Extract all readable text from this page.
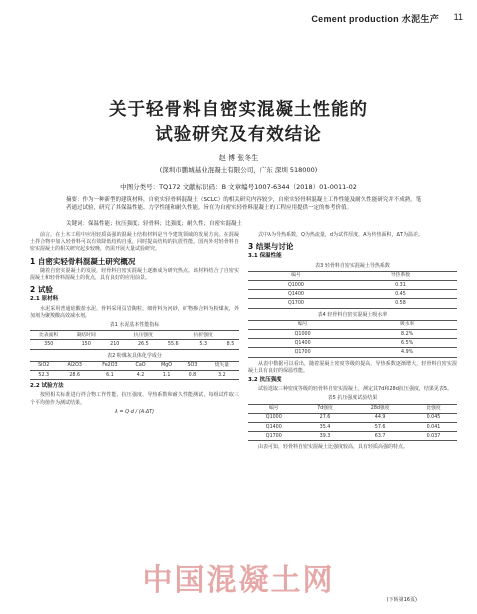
Cement production 水泥生产 11
关于轻骨料自密实混凝土性能的
试验研究及有效结论
赵 博 张冬生
(深圳市鹏城基业混凝土有限公司，广东 深圳 518000)
中图分类号：TQ172 文献标识码：B 文章编号1007-6344（2018）01-0011-02
摘要：作为一种新型的建筑材料，自密实轻骨料混凝土（SCLC）的相关研究内容较少，自密实轻骨料混凝土工作性能及耐久性能研究并不成熟。笔者通过试验，研究了其保温性能、力学性能和耐久性能，旨在为自密实轻骨料混凝土的工程应用提供一定的参考价值。
关键词：保温性能；抗压强度；轻骨料；比强度；耐久性；自密实混凝土

前言。在土木工程中应用轻质高强的混凝土结构材料是当今建筑领域的发展方向。在混凝土拌合物中加入轻骨料可以有效降低结构自重，同时提高结构的抗震性能。国内外对轻骨料自密实混凝土的相关研究起步较晚，仍需开展大量试验研究。

1 自密实轻骨料混凝土研究概况

随着自密实混凝土的发展，轻骨料自密实混凝土逐渐成为研究热点。该材料结合了自密实混凝土和轻骨料混凝土的优点，具有良好的应用前景。

2 试验
2.1 原材料

水泥采用普通硅酸盐水泥，骨料采用页岩陶粒，细骨料为河砂，矿物掺合料为粉煤灰，外加剂为聚羧酸高效减水剂。

表1 水泥基本性能指标
比表面积	凝结时间		抗压强度		抗折强度	
350	150	210	26.5	55.6	5.3	8.5
表2 粉煤灰具体化学成分
SiO2	Al2O3	Fe2O3	CaO	MgO	SO3	烧失量
52.3	28.6	6.1	4.2	1.1	0.8	3.2
2.2 试验方法

按照相关标准进行拌合物工作性能、抗压强度、导热系数和耐久性能测试，每组试件取三个平均值作为测试结果。

λ = Q·d / (A·ΔT)

式中λ为导热系数，Q为热流量，d为试件厚度，A为传热面积，ΔT为温差。

3 结果与讨论
3.1 保温性能
表3 轻骨料自密实混凝土导热系数
编号	导热系数
Q1000	0.31
Q1400	0.45
Q1700	0.58
表4 轻骨料自密实混凝土吸水率
编号	吸水率
Q1000	8.2%
Q1400	6.5%
Q1700	4.9%

从表中数据可以看出，随着混凝土密度等级的提高，导热系数逐渐增大，轻骨料自密实混凝土具有良好的保温性能。

3.2 抗压强度

试验选取三种密度等级的轻骨料自密实混凝土，测定其7d和28d抗压强度，结果见表5。

表5 抗压强度试验结果
编号	7d强度	28d强度	比强度
Q1000	27.6	44.9	0.045
Q1400	35.4	57.6	0.041
Q1700	39.3	63.7	0.037

由表可知，轻骨料自密实混凝土比强度较高，具有轻质高强的特点。

中国混凝土网
(下转第16页)
